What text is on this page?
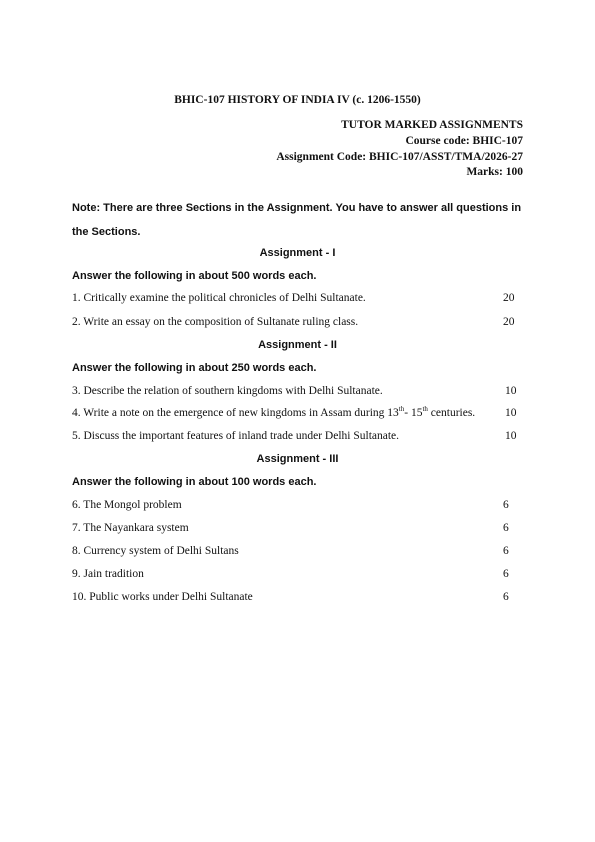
BHIC-107 HISTORY OF INDIA IV (c. 1206-1550)
TUTOR MARKED ASSIGNMENTS
Course code: BHIC-107
Assignment Code: BHIC-107/ASST/TMA/2026-27
Marks: 100
Note: There are three Sections in the Assignment. You have to answer all questions in the Sections.
Assignment - I
Answer the following in about 500 words each.
1. Critically examine the political chronicles of Delhi Sultanate.	20
2. Write an essay on the composition of Sultanate ruling class.	20
Assignment - II
Answer the following in about 250 words each.
3. Describe the relation of southern kingdoms with Delhi Sultanate.	10
4. Write a note on the emergence of new kingdoms in Assam during 13th- 15th centuries.	10
5. Discuss the important features of inland trade under Delhi Sultanate.	10
Assignment - III
Answer the following in about 100 words each.
6. The Mongol problem	6
7. The Nayankara system	6
8. Currency system of Delhi Sultans	6
9. Jain tradition	6
10. Public works under Delhi Sultanate	6
